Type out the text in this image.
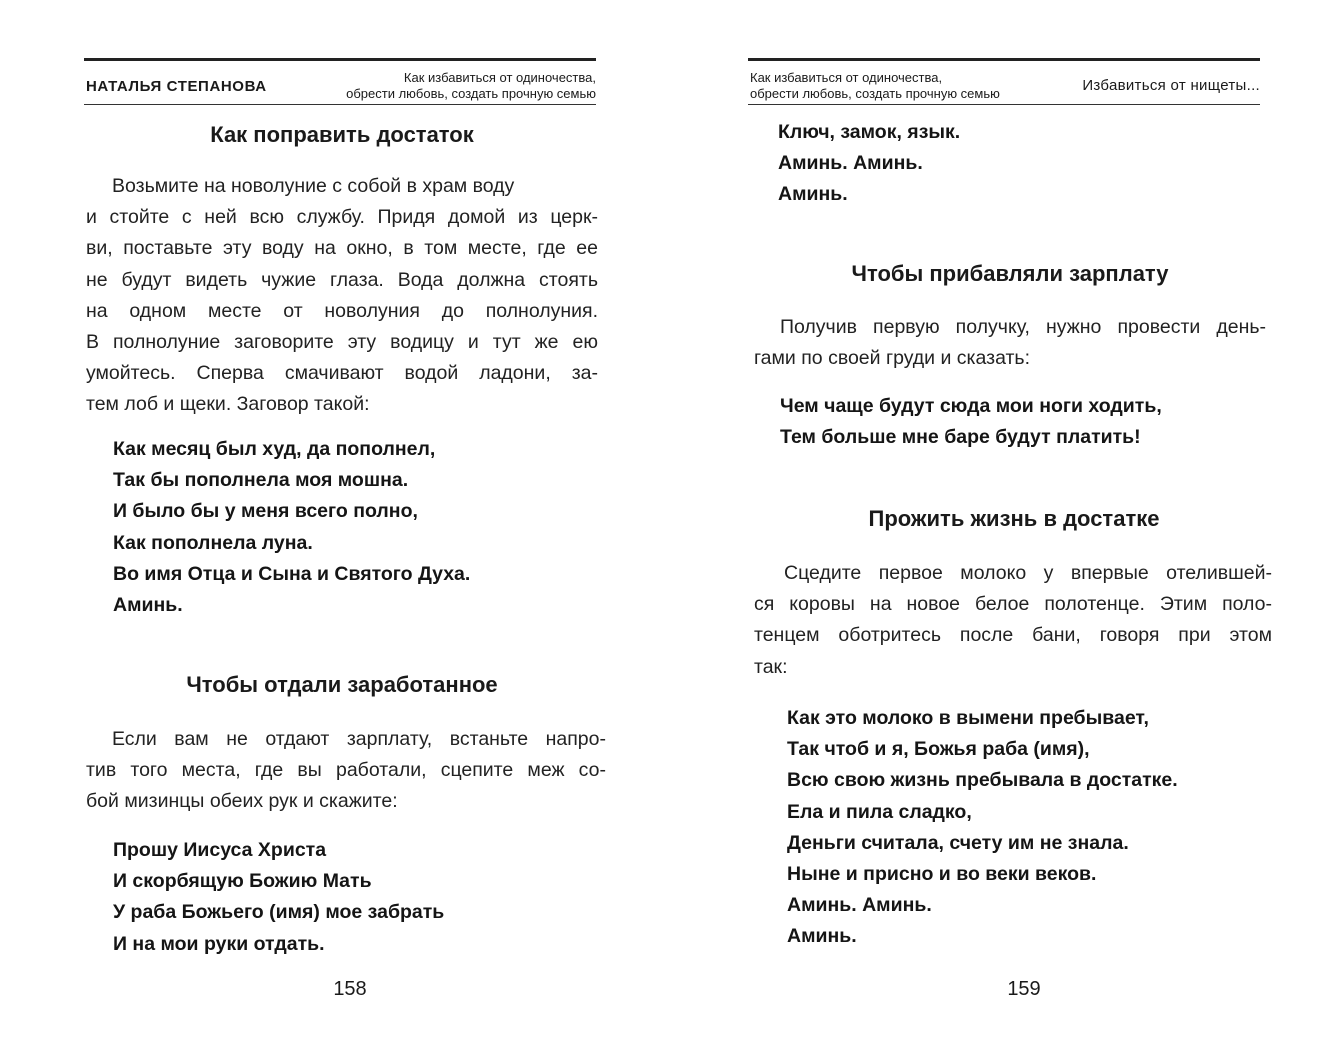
НАТАЛЬЯ СТЕПАНОВА
Как избавиться от одиночества,
обрести любовь, создать прочную семью
Как поправить достаток
Возьмите на новолуние с собой в храм воду
и стойте с ней всю службу. Придя домой из церк-
ви, поставьте эту воду на окно, в том месте, где ее
не будут видеть чужие глаза. Вода должна стоять
на одном месте от новолуния до полнолуния.
В полнолуние заговорите эту водицу и тут же ею
умойтесь. Сперва смачивают водой ладони, за-
тем лоб и щеки. Заговор такой:
Как месяц был худ, да пополнел,
Так бы пополнела моя мошна.
И было бы у меня всего полно,
Как пополнела луна.
Во имя Отца и Сына и Святого Духа.
Аминь.
Чтобы отдали заработанное
Если вам не отдают зарплату, встаньте напро-
тив того места, где вы работали, сцепите меж со-
бой мизинцы обеих рук и скажите:
Прошу Иисуса Христа
И скорбящую Божию Мать
У раба Божьего (имя) мое забрать
И на мои руки отдать.
158
Как избавиться от одиночества,
обрести любовь, создать прочную семью	Избавиться от нищеты...
Ключ, замок, язык.
Аминь. Аминь.
Аминь.
Чтобы прибавляли зарплату
Получив первую получку, нужно провести день-
гами по своей груди и сказать:
Чем чаще будут сюда мои ноги ходить,
Тем больше мне баре будут платить!
Прожить жизнь в достатке
Сцедите первое молоко у впервые отелившей-
ся коровы на новое белое полотенце. Этим поло-
тенцем оботритесь после бани, говоря при этом
так:
Как это молоко в вымени пребывает,
Так чтоб и я, Божья раба (имя),
Всю свою жизнь пребывала в достатке.
Ела и пила сладко,
Деньги считала, счету им не знала.
Ныне и присно и во веки веков.
Аминь. Аминь.
Аминь.
159
